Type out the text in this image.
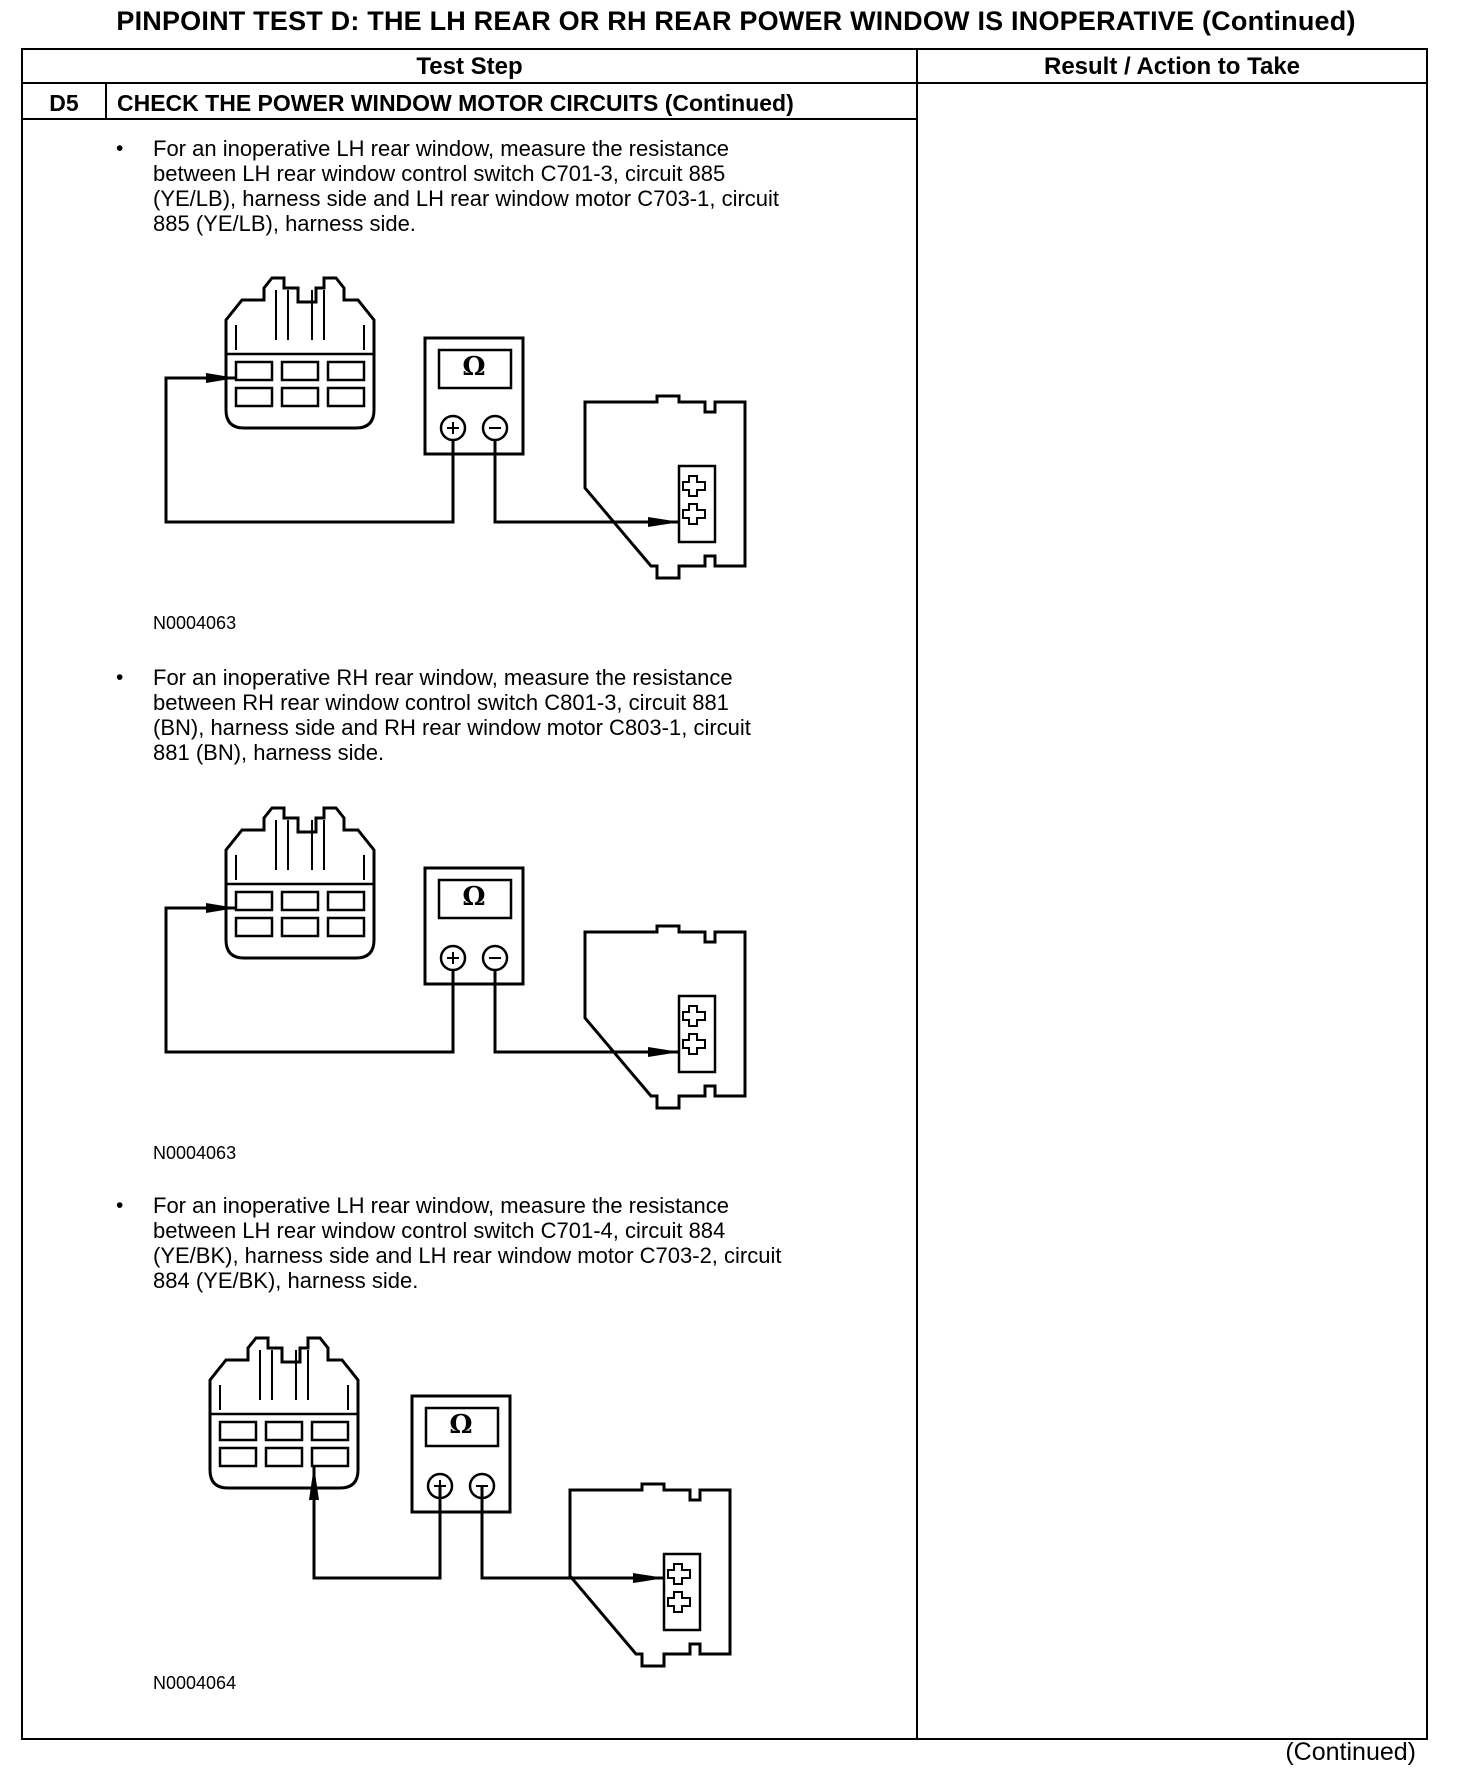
PINPOINT TEST D: THE LH REAR OR RH REAR POWER WINDOW IS INOPERATIVE (Continued)
Test Step	Result / Action to Take
D5	CHECK THE POWER WINDOW MOTOR CIRCUITS (Continued)
• For an inoperative LH rear window, measure the resistance
between LH rear window control switch C701-3, circuit 885
(YE/LB), harness side and LH rear window motor C703-1, circuit
885 (YE/LB), harness side.
• For an inoperative RH rear window, measure the resistance
between RH rear window control switch C801-3, circuit 881
(BN), harness side and RH rear window motor C803-1, circuit
881 (BN), harness side.
• For an inoperative LH rear window, measure the resistance
between LH rear window control switch C701-4, circuit 884
(YE/BK), harness side and LH rear window motor C703-2, circuit
884 (YE/BK), harness side.
Ω
Ω
Ω
N0004063
N0004063
N0004064
(Continued)
